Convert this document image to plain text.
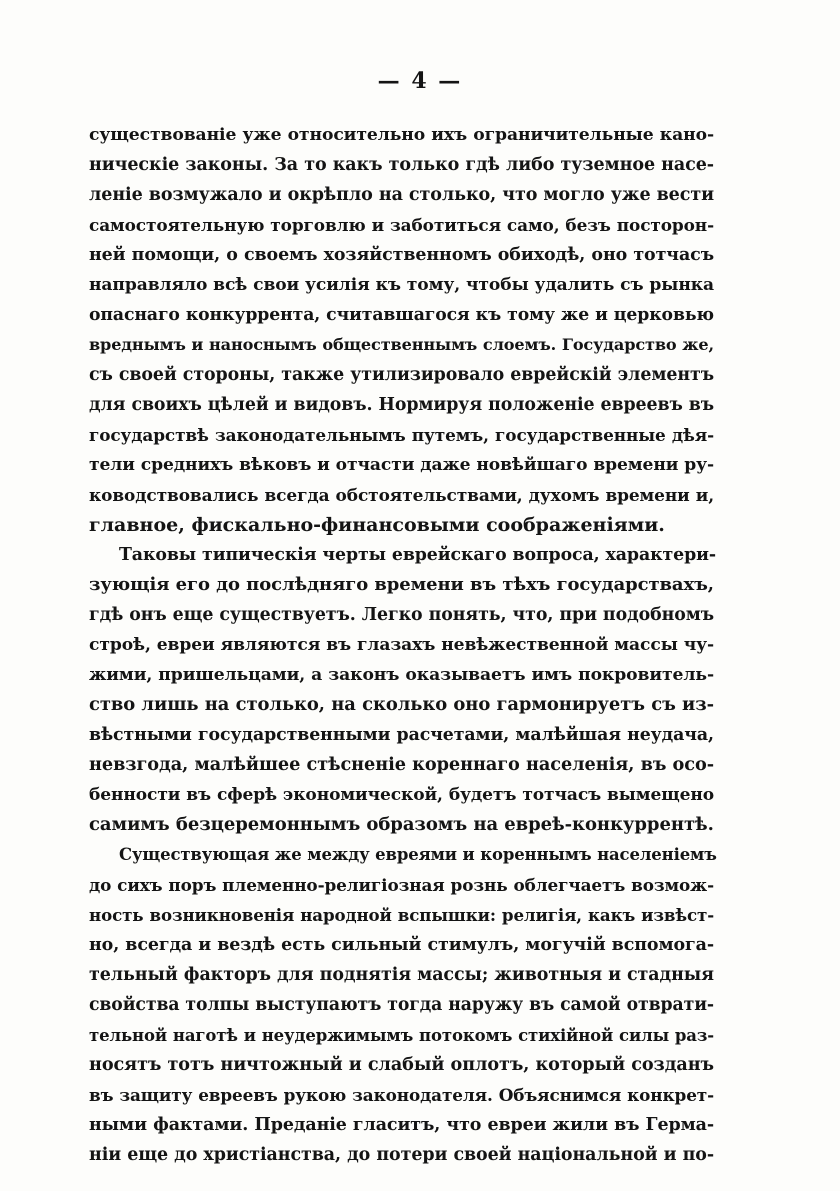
— 4 —
существованіе уже относительно ихъ ограничительные кано-
ническіе законы. За то какъ только гдѣ либо туземное насе-
леніе возмужало и окрѣпло на столько, что могло уже вести
самостоятельную торговлю и заботиться само, безъ посторон-
ней помощи, о своемъ хозяйственномъ обиходѣ, оно тотчасъ
направляло всѣ свои усилія къ тому, чтобы удалить съ рынка
опаснаго конкуррента, считавшагося къ тому же и церковью
вреднымъ и наноснымъ общественнымъ слоемъ. Государство же,
съ своей стороны, также утилизировало еврейскій элементъ
для своихъ цѣлей и видовъ. Нормируя положеніе евреевъ въ
государствѣ законодательнымъ путемъ, государственные дѣя-
тели среднихъ вѣковъ и отчасти даже новѣйшаго времени ру-
ководствовались всегда обстоятельствами, духомъ времени и,
главное, фискально-финансовыми соображеніями.
Таковы типическія черты еврейскаго вопроса, характери-
зующія его до послѣдняго времени въ тѣхъ государствахъ,
гдѣ онъ еще существуетъ. Легко понять, что, при подобномъ
строѣ, евреи являются въ глазахъ невѣжественной массы чу-
жими, пришельцами, а законъ оказываетъ имъ покровитель-
ство лишь на столько, на сколько оно гармонируетъ съ из-
вѣстными государственными расчетами, малѣйшая неудача,
невзгода, малѣйшее стѣсненіе кореннаго населенія, въ осо-
бенности въ сферѣ экономической, будетъ тотчасъ вымещено
самимъ безцеремоннымъ образомъ на евреѣ-конкуррентѣ.
Существующая же между евреями и кореннымъ населеніемъ
до сихъ поръ племенно-религіозная рознь облегчаетъ возмож-
ность возникновенія народной вспышки: религія, какъ извѣст-
но, всегда и вездѣ есть сильный стимулъ, могучій вспомога-
тельный факторъ для поднятія массы; животныя и стадныя
свойства толпы выступаютъ тогда наружу въ самой отврати-
тельной наготѣ и неудержимымъ потокомъ стихійной силы раз-
носятъ тотъ ничтожный и слабый оплотъ, который созданъ
въ защиту евреевъ рукою законодателя. Объяснимся конкрет-
ными фактами. Преданіе гласитъ, что евреи жили въ Герма-
ніи еще до христіанства, до потери своей національной и по-
